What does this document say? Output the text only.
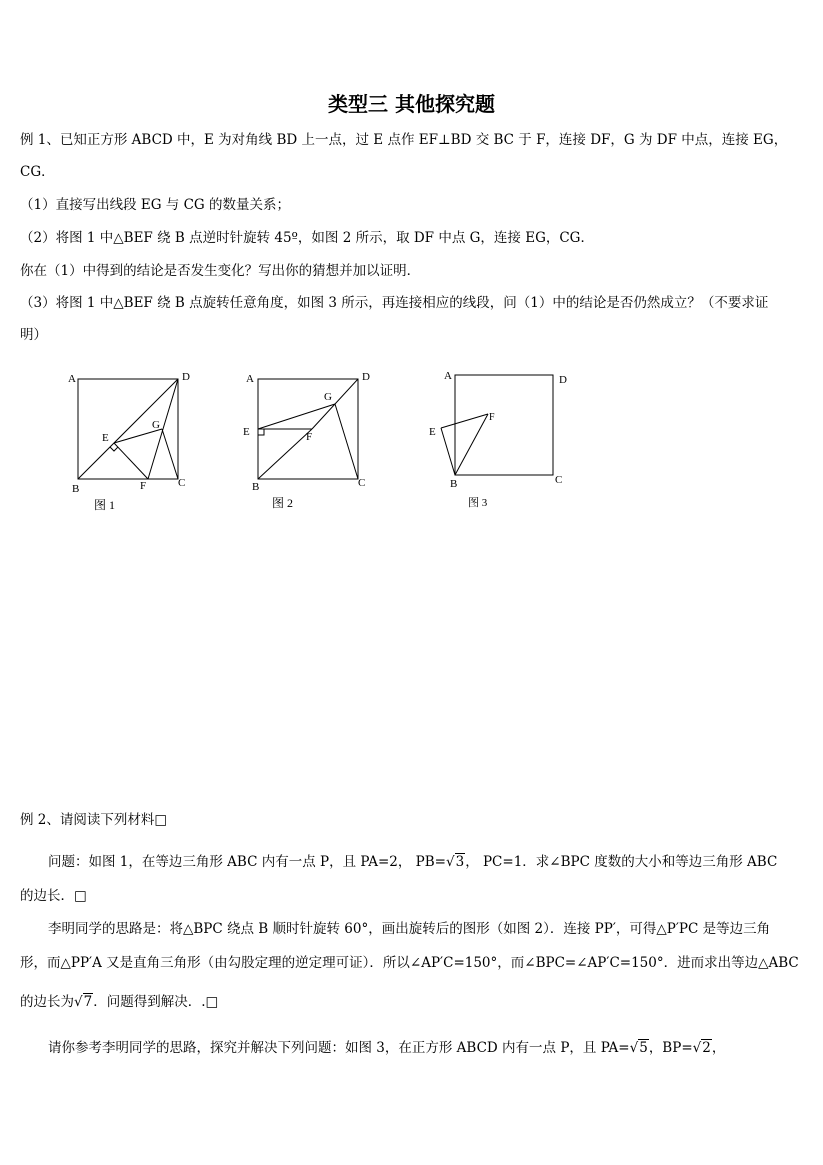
类型三 其他探究题
例 1、已知正方形 ABCD 中，E 为对角线 BD 上一点，过 E 点作 EF⊥BD 交 BC 于 F，连接 DF，G 为 DF 中点，连接 EG，
CG．
（1）直接写出线段 EG 与 CG 的数量关系；
（2）将图 1 中△BEF 绕 B 点逆时针旋转 45º，如图 2 所示，取 DF 中点 G，连接 EG，CG．
你在（1）中得到的结论是否发生变化？写出你的猜想并加以证明．
（3）将图 1 中△BEF 绕 B 点旋转任意角度，如图 3 所示，再连接相应的线段，问（1）中的结论是否仍然成立？（不要求证
明）
A	D
B	C
E
F
G
图 1
A	D
B	C
E	F
G
图 2
A	D
B	C
E
F
图 3
例 2、请阅读下列材料□
问题：如图 1，在等边三角形 ABC 内有一点 P，且 PA=2， PB=√3， PC=1．求∠BPC 度数的大小和等边三角形 ABC
的边长．□
李明同学的思路是：将△BPC 绕点 B 顺时针旋转 60°，画出旋转后的图形（如图 2）．连接 PP′，可得△P′PC 是等边三角
形，而△PP′A 又是直角三角形（由勾股定理的逆定理可证）．所以∠AP′C=150°，而∠BPC=∠AP′C=150°．进而求出等边△ABC
的边长为√7．问题得到解决．.□
请你参考李明同学的思路，探究并解决下列问题：如图 3，在正方形 ABCD 内有一点 P，且 PA=√5，BP=√2，
